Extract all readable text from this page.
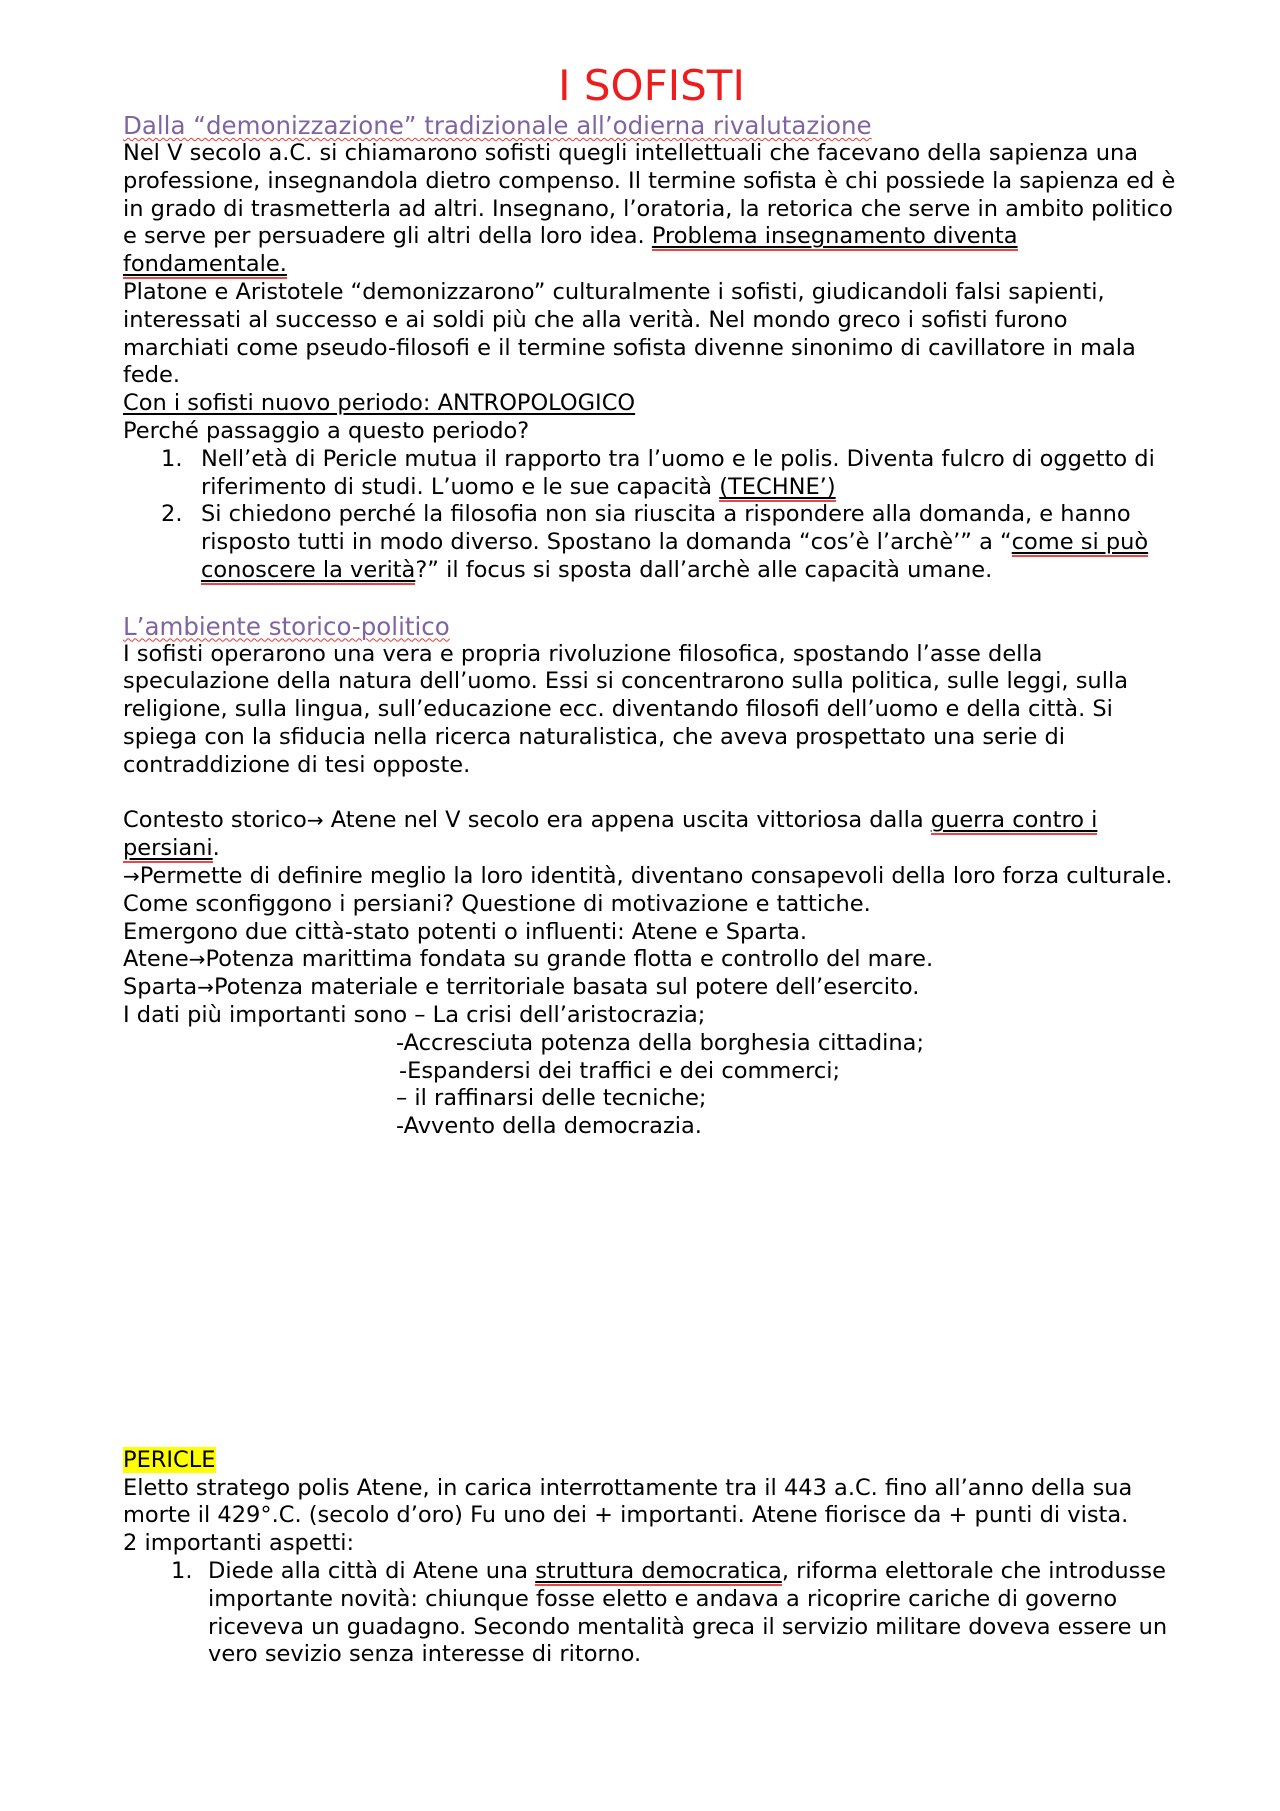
I SOFISTI
Dalla “demonizzazione” tradizionale all’odierna rivalutazione

Nel V secolo a.C. si chiamarono sofisti quegli intellettuali che facevano della sapienza una professione, insegnandola dietro compenso. Il termine sofista è chi possiede la sapienza ed è in grado di trasmetterla ad altri. Insegnano, l’oratoria, la retorica che serve in ambito politico e serve per persuadere gli altri della loro idea. Problema insegnamento diventa fondamentale.

Platone e Aristotele “demonizzarono” culturalmente i sofisti, giudicandoli falsi sapienti, interessati al successo e ai soldi più che alla verità. Nel mondo greco i sofisti furono marchiati come pseudo-filosofi e il termine sofista divenne sinonimo di cavillatore in mala fede.

Con i sofisti nuovo periodo: ANTROPOLOGICO

Perché passaggio a questo periodo?

1. Nell’età di Pericle mutua il rapporto tra l’uomo e le polis. Diventa fulcro di oggetto di riferimento di studi. L’uomo e le sue capacità (TECHNE’)
2. Si chiedono perché la filosofia non sia riuscita a rispondere alla domanda, e hanno risposto tutti in modo diverso. Spostano la domanda “cos’è l’archè’” a “come si può conoscere la verità?” il focus si sposta dall’archè alle capacità umane.
L’ambiente storico-politico

I sofisti operarono una vera e propria rivoluzione filosofica, spostando l’asse della speculazione della natura dell’uomo. Essi si concentrarono sulla politica, sulle leggi, sulla religione, sulla lingua, sull’educazione ecc. diventando filosofi dell’uomo e della città. Si spiega con la sfiducia nella ricerca naturalistica, che aveva prospettato una serie di contraddizione di tesi opposte.

Contesto storico→ Atene nel V secolo era appena uscita vittoriosa dalla guerra contro i persiani.

→Permette di definire meglio la loro identità, diventano consapevoli della loro forza culturale.

Come sconfiggono i persiani? Questione di motivazione e tattiche.

Emergono due città-stato potenti o influenti: Atene e Sparta.

Atene→Potenza marittima fondata su grande flotta e controllo del mare.

Sparta→Potenza materiale e territoriale basata sul potere dell’esercito.

I dati più importanti sono – La crisi dell’aristocrazia;

-Accresciuta potenza della borghesia cittadina;

-Espandersi dei traffici e dei commerci;

– il raffinarsi delle tecniche;

-Avvento della democrazia.

PERICLE

Eletto stratego polis Atene, in carica interrottamente tra il 443 a.C. fino all’anno della sua morte il 429°.C. (secolo d’oro) Fu uno dei + importanti. Atene fiorisce da + punti di vista.

2 importanti aspetti:

1. Diede alla città di Atene una struttura democratica, riforma elettorale che introdusse importante novità: chiunque fosse eletto e andava a ricoprire cariche di governo riceveva un guadagno. Secondo mentalità greca il servizio militare doveva essere un vero sevizio senza interesse di ritorno.
